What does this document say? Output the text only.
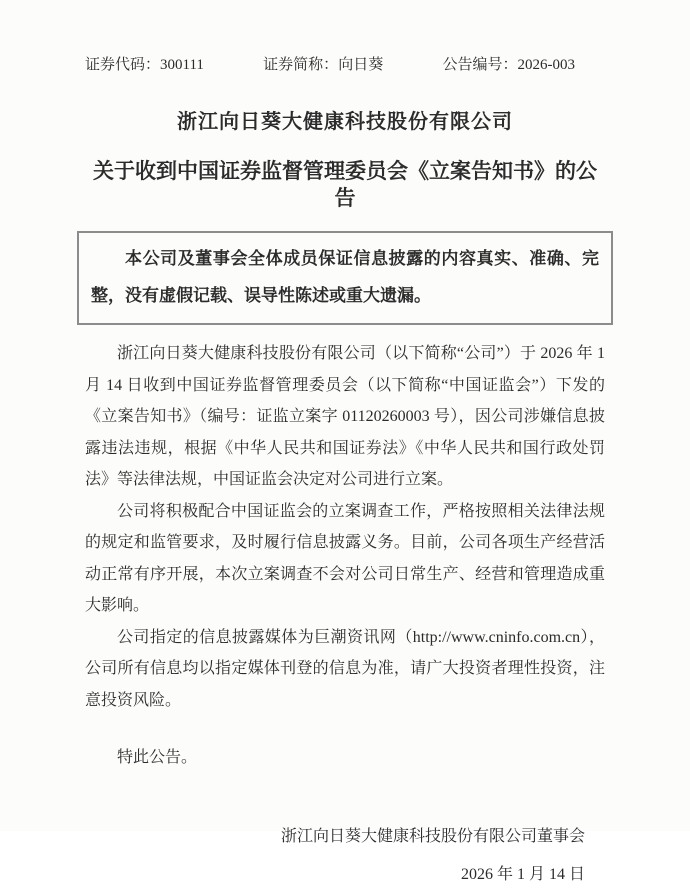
证券代码：300111	证券简称：向日葵	公告编号：2026-003
浙江向日葵大健康科技股份有限公司
关于收到中国证券监督管理委员会《立案告知书》的公告

本公司及董事会全体成员保证信息披露的内容真实、准确、完整，没有虚假记载、误导性陈述或重大遗漏。

浙江向日葵大健康科技股份有限公司（以下简称“公司”）于 2026 年 1 月 14 日收到中国证券监督管理委员会（以下简称“中国证监会”）下发的《立案告知书》（编号：证监立案字 01120260003 号），因公司涉嫌信息披露违法违规，根据《中华人民共和国证券法》《中华人民共和国行政处罚法》等法律法规，中国证监会决定对公司进行立案。

公司将积极配合中国证监会的立案调查工作，严格按照相关法律法规的规定和监管要求，及时履行信息披露义务。目前，公司各项生产经营活动正常有序开展，本次立案调查不会对公司日常生产、经营和管理造成重大影响。

公司指定的信息披露媒体为巨潮资讯网（http://www.cninfo.com.cn），公司所有信息均以指定媒体刊登的信息为准，请广大投资者理性投资，注意投资风险。

特此公告。
浙江向日葵大健康科技股份有限公司董事会
2026 年 1 月 14 日
